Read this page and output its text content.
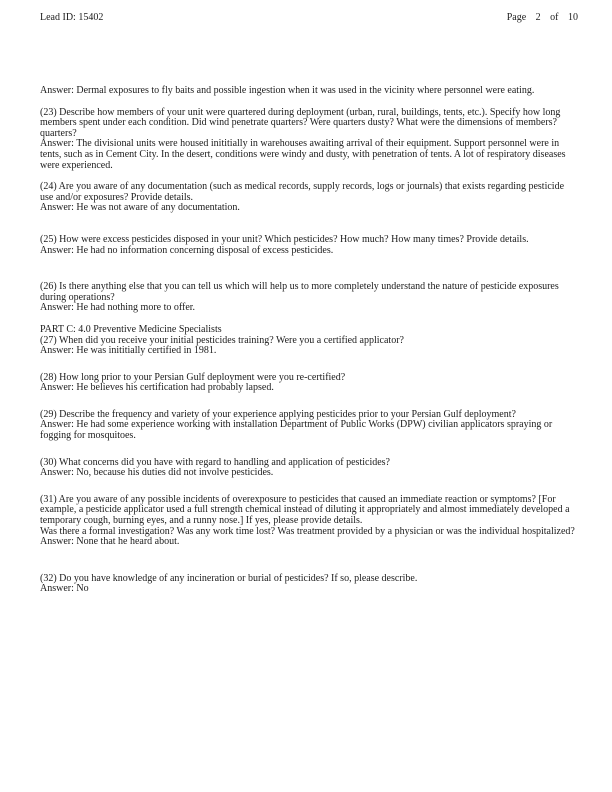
Lead ID: 15402	Page 2 of 10

Answer: Dermal exposures to fly baits and possible ingestion when it was used in the vicinity where personnel were eating.

(23) Describe how members of your unit were quartered during deployment (urban, rural, buildings, tents, etc.). Specify how long members spent under each condition. Did wind penetrate quarters? Were quarters dusty? What were the dimensions of members? quarters?

Answer: The divisional units were housed inititially in warehouses awaiting arrival of their equipment. Support personnel were in tents, such as in Cement City. In the desert, conditions were windy and dusty, with penetration of tents. A lot of respiratory diseases were experienced.

(24) Are you aware of any documentation (such as medical records, supply records, logs or journals) that exists regarding pesticide use and/or exposures? Provide details.

Answer: He was not aware of any documentation.

(25) How were excess pesticides disposed in your unit? Which pesticides? How much? How many times? Provide details.

Answer: He had no information concerning disposal of excess pesticides.

(26) Is there anything else that you can tell us which will help us to more completely understand the nature of pesticide exposures during operations?

Answer: He had nothing more to offer.

PART C: 4.0 Preventive Medicine Specialists

(27) When did you receive your initial pesticides training? Were you a certified applicator?

Answer: He was inititially certified in 1981.

(28) How long prior to your Persian Gulf deployment were you re-certified?

Answer: He believes his certification had probably lapsed.

(29) Describe the frequency and variety of your experience applying pesticides prior to your Persian Gulf deployment?

Answer: He had some experience working with installation Department of Public Works (DPW) civilian applicators spraying or fogging for mosquitoes.

(30) What concerns did you have with regard to handling and application of pesticides?

Answer: No, because his duties did not involve pesticides.

(31) Are you aware of any possible incidents of overexposure to pesticides that caused an immediate reaction or symptoms? [For example, a pesticide applicator used a full strength chemical instead of diluting it appropriately and almost immediately developed a temporary cough, burning eyes, and a runny nose.] If yes, please provide details.

Was there a formal investigation? Was any work time lost? Was treatment provided by a physician or was the individual hospitalized?

Answer: None that he heard about.

(32) Do you have knowledge of any incineration or burial of pesticides? If so, please describe.

Answer: No
